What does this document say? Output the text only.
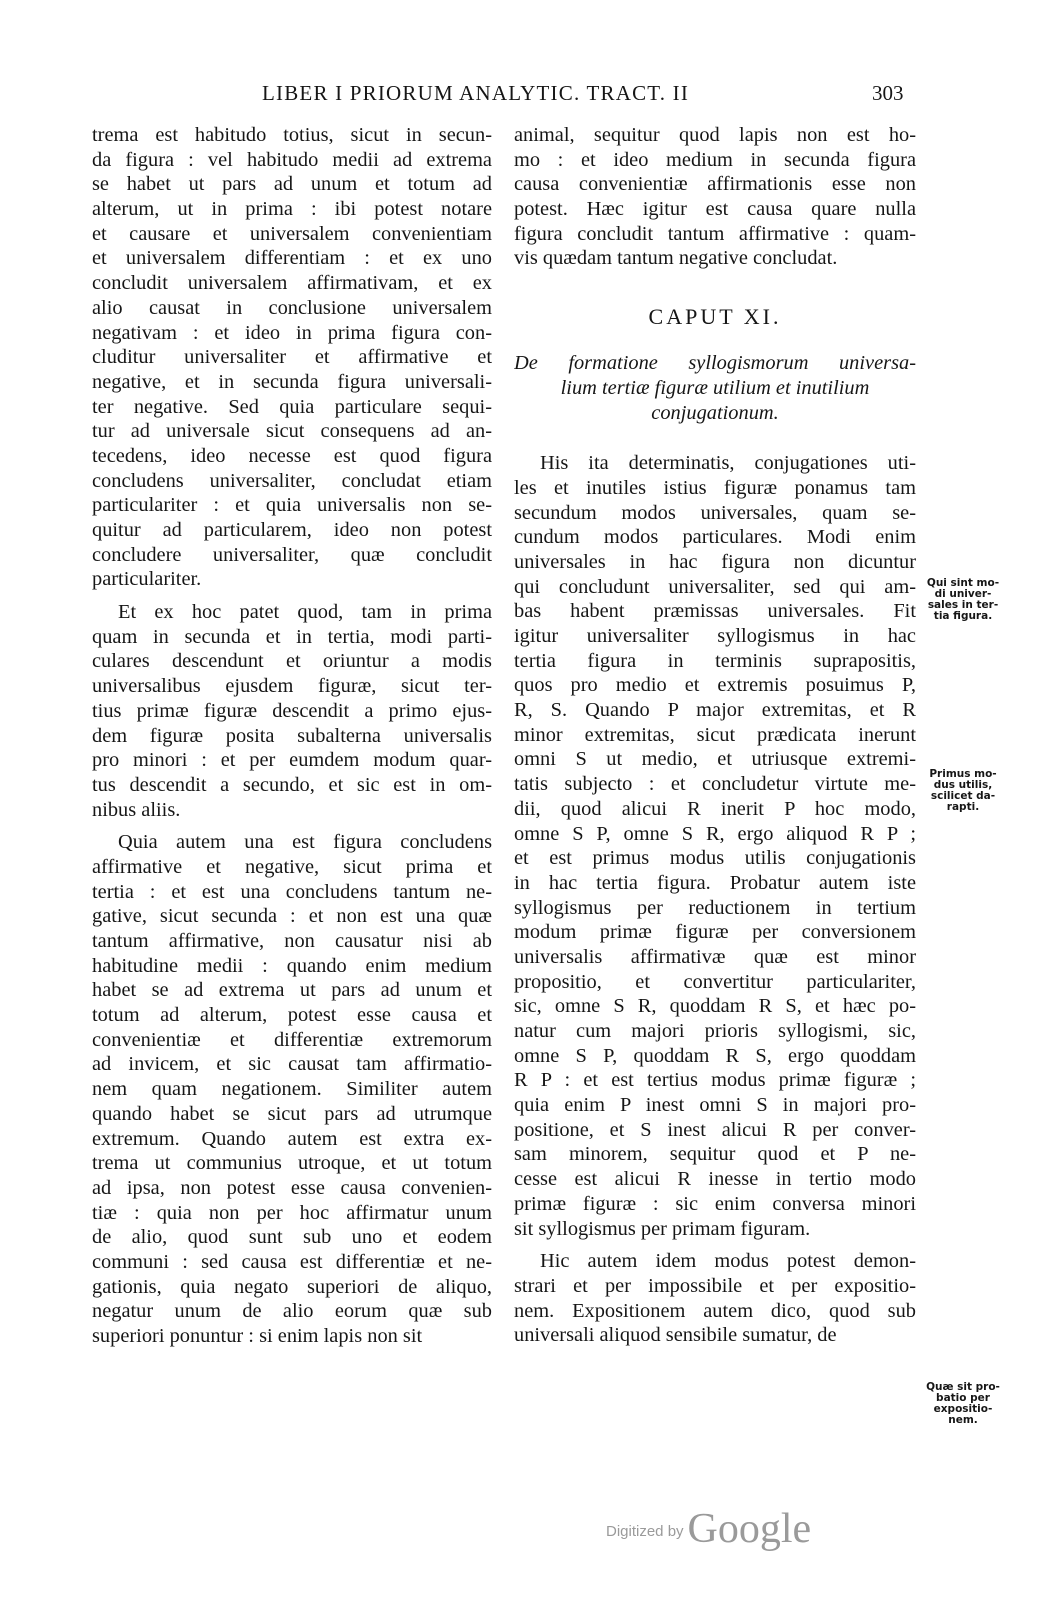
LIBER I PRIORUM ANALYTIC. TRACT. II	303
trema est habitudo totius, sicut in secun-
da figura : vel habitudo medii ad extrema
se habet ut pars ad unum et totum ad
alterum, ut in prima : ibi potest notare
et causare et universalem convenientiam
et universalem differentiam : et ex uno
concludit universalem affirmativam, et ex
alio causat in conclusione universalem
negativam : et ideo in prima figura con-
cluditur universaliter et affirmative et
negative, et in secunda figura universali-
ter negative. Sed quia particulare sequi-
tur ad universale sicut consequens ad an-
tecedens, ideo necesse est quod figura
concludens universaliter, concludat etiam
particulariter : et quia universalis non se-
quitur ad particularem, ideo non potest
concludere universaliter, quæ concludit
particulariter.
Et ex hoc patet quod, tam in prima
quam in secunda et in tertia, modi parti-
culares descendunt et oriuntur a modis
universalibus ejusdem figuræ, sicut ter-
tius primæ figuræ descendit a primo ejus-
dem figuræ posita subalterna universalis
pro minori : et per eumdem modum quar-
tus descendit a secundo, et sic est in om-
nibus aliis.
Quia autem una est figura concludens
affirmative et negative, sicut prima et
tertia : et est una concludens tantum ne-
gative, sicut secunda : et non est una quæ
tantum affirmative, non causatur nisi ab
habitudine medii : quando enim medium
habet se ad extrema ut pars ad unum et
totum ad alterum, potest esse causa et
convenientiæ et differentiæ extremorum
ad invicem, et sic causat tam affirmatio-
nem quam negationem. Similiter autem
quando habet se sicut pars ad utrumque
extremum. Quando autem est extra ex-
trema ut communius utroque, et ut totum
ad ipsa, non potest esse causa convenien-
tiæ : quia non per hoc affirmatur unum
de alio, quod sunt sub uno et eodem
communi : sed causa est differentiæ et ne-
gationis, quia negato superiori de aliquo,
negatur unum de alio eorum quæ sub
superiori ponuntur : si enim lapis non sit
animal, sequitur quod lapis non est ho-
mo : et ideo medium in secunda figura
causa convenientiæ affirmationis esse non
potest. Hæc igitur est causa quare nulla
figura concludit tantum affirmative : quam-
vis quædam tantum negative concludat.
CAPUT XI.
De formatione syllogismorum universa-
lium tertiæ figuræ utilium et inutilium
conjugationum.
His ita determinatis, conjugationes uti-
les et inutiles istius figuræ ponamus tam
secundum modos universales, quam se-
cundum modos particulares. Modi enim
universales in hac figura non dicuntur
qui concludunt universaliter, sed qui am-
bas habent præmissas universales. Fit
igitur universaliter syllogismus in hac
tertia figura in terminis suprapositis,
quos pro medio et extremis posuimus P,
R, S. Quando P major extremitas, et R
minor extremitas, sicut prædicata inerunt
omni S ut medio, et utriusque extremi-
tatis subjecto : et concludetur virtute me-
dii, quod alicui R inerit P hoc modo,
omne S P, omne S R, ergo aliquod R P ;
et est primus modus utilis conjugationis
in hac tertia figura. Probatur autem iste
syllogismus per reductionem in tertium
modum primæ figuræ per conversionem
universalis affirmativæ quæ est minor
propositio, et convertitur particulariter,
sic, omne S R, quoddam R S, et hæc po-
natur cum majori prioris syllogismi, sic,
omne S P, quoddam R S, ergo quoddam
R P : et est tertius modus primæ figuræ ;
quia enim P inest omni S in majori pro-
positione, et S inest alicui R per conver-
sam minorem, sequitur quod et P ne-
cesse est alicui R inesse in tertio modo
primæ figuræ : sic enim conversa minori
sit syllogismus per primam figuram.
Hic autem idem modus potest demon-
strari et per impossibile et per expositio-
nem. Expositionem autem dico, quod sub
universali aliquod sensibile sumatur, de
Qui sint mo-
di univer-
sales in ter-
tia figura.
Primus mo-
dus utilis,
scilicet da-
rapti.
Quæ sit pro-
batio per
expositio-
nem.
Digitized by Google
